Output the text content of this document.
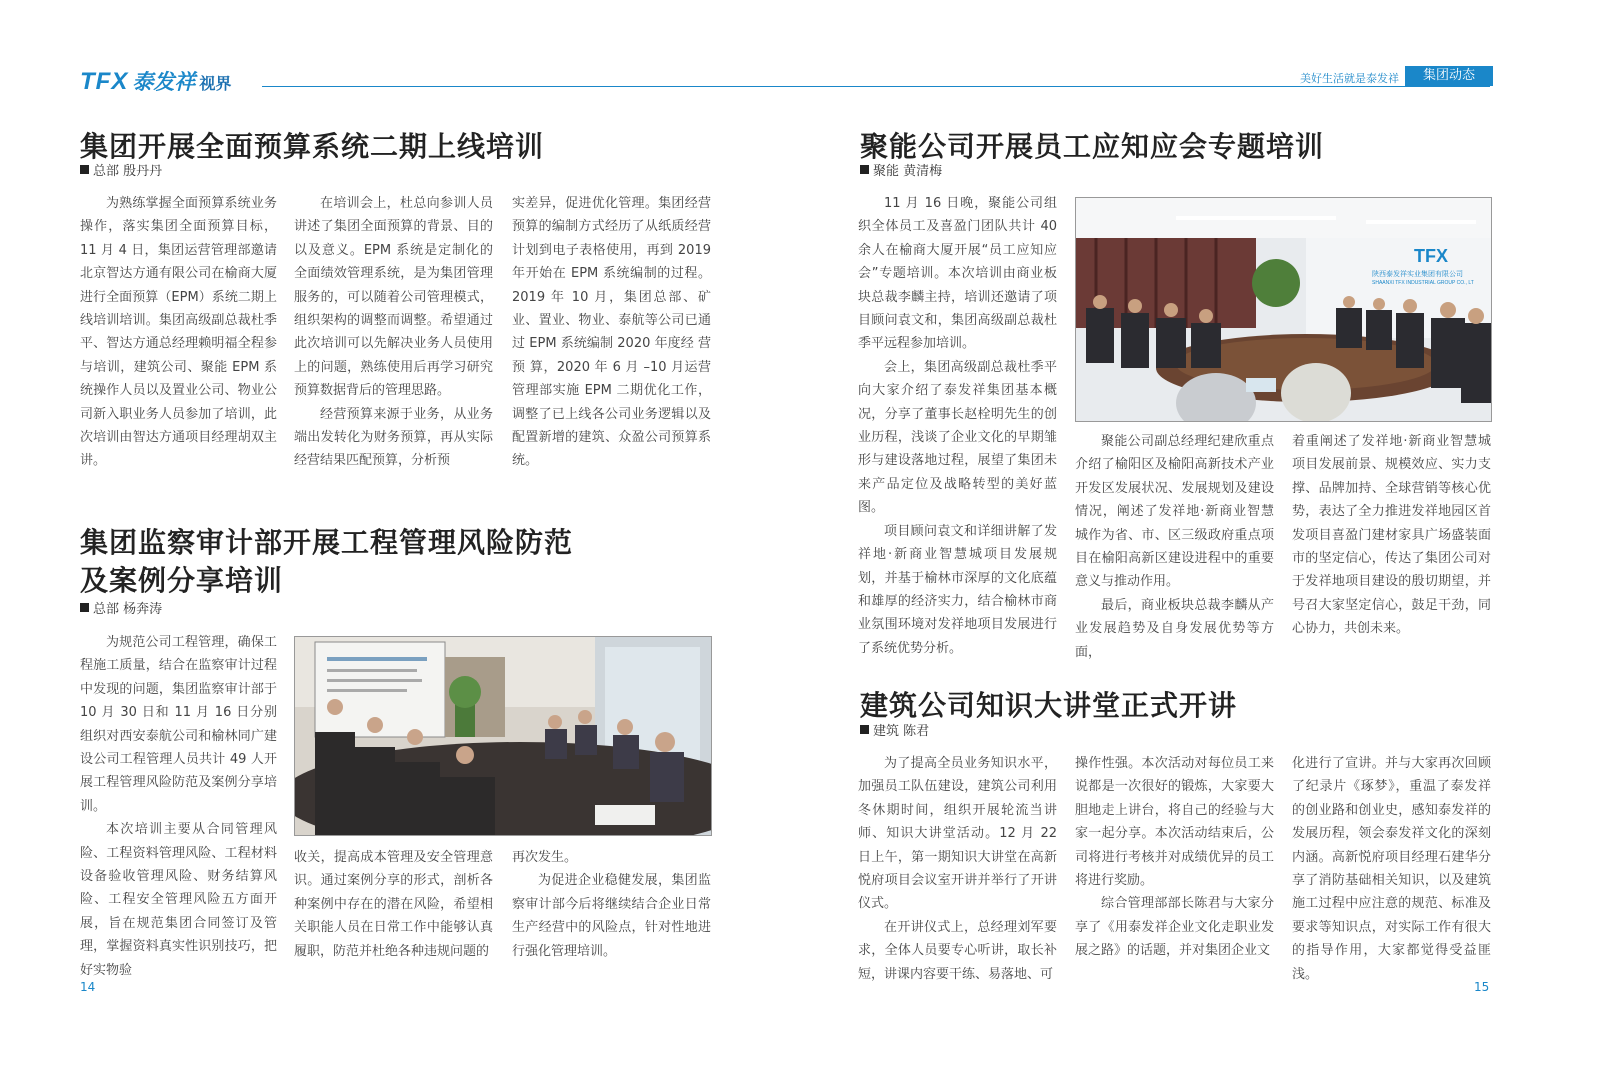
TFX 泰发祥 视界	美好生活就是泰发祥	集团动态
集团开展全面预算系统二期上线培训
总部 殷丹丹

为熟练掌握全面预算系统业务操作，落实集团全面预算目标，11 月 4 日，集团运营管理部邀请北京智达方通有限公司在榆商大厦进行全面预算（EPM）系统二期上线培训培训。集团高级副总裁杜季平、智达方通总经理赖明福全程参与培训，建筑公司、聚能 EPM 系统操作人员以及置业公司、物业公司新入职业务人员参加了培训，此次培训由智达方通项目经理胡双主讲。

在培训会上，杜总向参训人员讲述了集团全面预算的背景、目的以及意义。EPM 系统是定制化的全面绩效管理系统，是为集团管理服务的，可以随着公司管理模式，组织架构的调整而调整。希望通过此次培训可以先解决业务人员使用上的问题，熟练使用后再学习研究预算数据背后的管理思路。

经营预算来源于业务，从业务端出发转化为财务预算，再从实际经营结果匹配预算，分析预

实差异，促进优化管理。集团经营预算的编制方式经历了从纸质经营计划到电子表格使用，再到 2019 年开始在 EPM 系统编制的过程。2019 年 10 月，集团总部、矿业、置业、物业、泰航等公司已通过 EPM 系统编制 2020 年度经 营 预 算，2020 年 6 月 –10 月运营管理部实施 EPM 二期优化工作，调整了已上线各公司业务逻辑以及配置新增的建筑、众盈公司预算系统。

集团监察审计部开展工程管理风险防范
及案例分享培训
总部 杨奔涛

为规范公司工程管理，确保工程施工质量，结合在监察审计过程中发现的问题，集团监察审计部于 10 月 30 日和 11 月 16 日分别组织对西安泰航公司和榆林同广建设公司工程管理人员共计 49 人开展工程管理风险防范及案例分享培训。

本次培训主要从合同管理风险、工程资料管理风险、工程材料设备验收管理风险、财务结算风险、工程安全管理风险五方面开展，旨在规范集团合同签订及管理，掌握资料真实性识别技巧，把好实物验

收关，提高成本管理及安全管理意识。通过案例分享的形式，剖析各种案例中存在的潜在风险，希望相关职能人员在日常工作中能够认真履职，防范并杜绝各种违规问题的

再次发生。

为促进企业稳健发展，集团监察审计部今后将继续结合企业日常生产经营中的风险点，针对性地进行强化管理培训。

聚能公司开展员工应知应会专题培训
聚能 黄清梅

11 月 16 日晚，聚能公司组织全体员工及喜盈门团队共计 40 余人在榆商大厦开展“员工应知应会”专题培训。本次培训由商业板块总裁李麟主持，培训还邀请了项目顾问袁文和，集团高级副总裁杜季平远程参加培训。

会上，集团高级副总裁杜季平向大家介绍了泰发祥集团基本概况，分享了董事长赵栓明先生的创业历程，浅谈了企业文化的早期雏形与建设落地过程，展望了集团未来产品定位及战略转型的美好蓝图。

项目顾问袁文和详细讲解了发祥地·新商业智慧城项目发展规划，并基于榆林市深厚的文化底蕴和雄厚的经济实力，结合榆林市商业氛围环境对发祥地项目发展进行了系统优势分析。

TFX
陕西泰发祥实业集团有限公司
SHAANXI TFX INDUSTRIAL GROUP CO., LT

聚能公司副总经理纪建欣重点介绍了榆阳区及榆阳高新技术产业开发区发展状况、发展规划及建设情况，阐述了发祥地·新商业智慧城作为省、市、区三级政府重点项目在榆阳高新区建设进程中的重要意义与推动作用。

最后，商业板块总裁李麟从产业发展趋势及自身发展优势等方面，

着重阐述了发祥地·新商业智慧城项目发展前景、规模效应、实力支撑、品牌加持、全球营销等核心优势，表达了全力推进发祥地园区首发项目喜盈门建材家具广场盛装面市的坚定信心，传达了集团公司对于发祥地项目建设的殷切期望，并号召大家坚定信心，鼓足干劲，同心协力，共创未来。

建筑公司知识大讲堂正式开讲
建筑 陈君

为了提高全员业务知识水平，加强员工队伍建设，建筑公司利用冬休期时间，组织开展轮流当讲师、知识大讲堂活动。12 月 22 日上午，第一期知识大讲堂在高新悦府项目会议室开讲并举行了开讲仪式。

在开讲仪式上，总经理刘军要求，全体人员要专心听讲，取长补短，讲课内容要干练、易落地、可

操作性强。本次活动对每位员工来说都是一次很好的锻炼，大家要大胆地走上讲台，将自己的经验与大家一起分享。本次活动结束后，公司将进行考核并对成绩优异的员工将进行奖励。

综合管理部部长陈君与大家分享了《用泰发祥企业文化走职业发展之路》的话题，并对集团企业文

化进行了宣讲。并与大家再次回顾了纪录片《琢梦》，重温了泰发祥的创业路和创业史，感知泰发祥的发展历程，领会泰发祥文化的深刻内涵。高新悦府项目经理石建华分享了消防基础相关知识，以及建筑施工过程中应注意的规范、标准及要求等知识点，对实际工作有很大的指导作用，大家都觉得受益匪浅。

14	15
